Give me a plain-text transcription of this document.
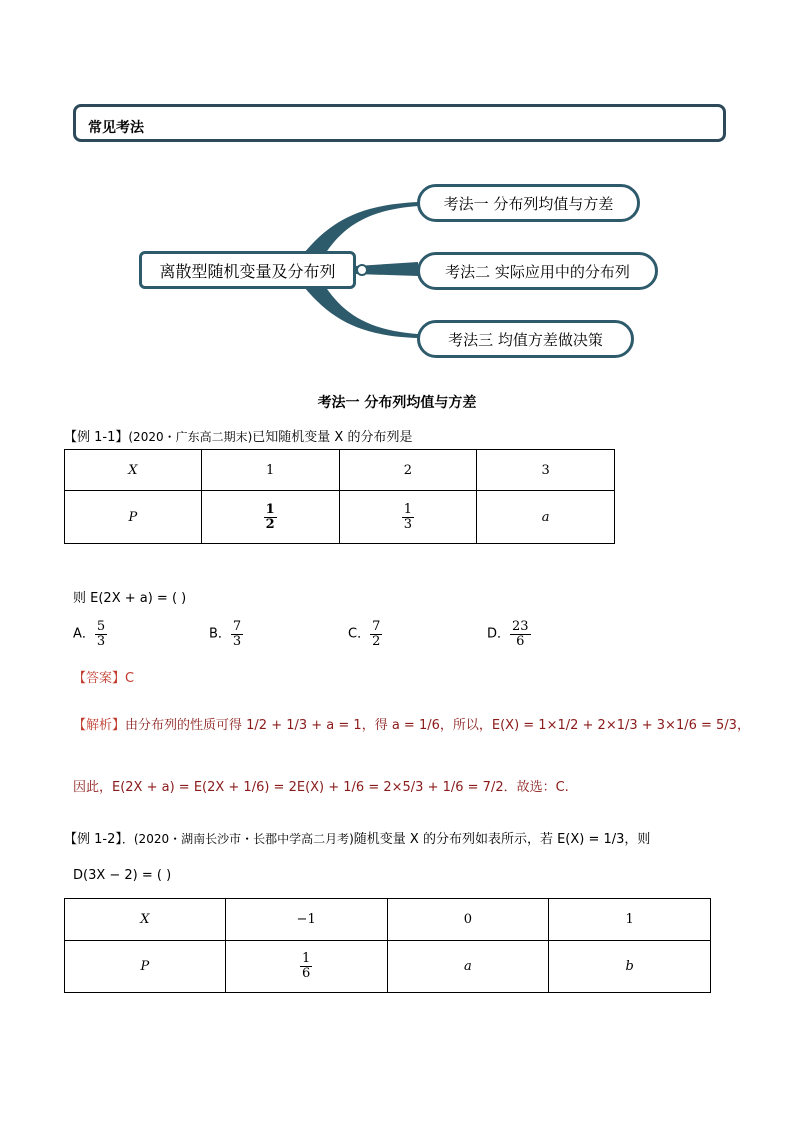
常见考法
离散型随机变量及分布列
考法一 分布列均值与方差
考法二 实际应用中的分布列
考法三 均值方差做决策
考法一 分布列均值与方差
【例 1-1】(2020・广东高二期末)已知随机变量 X 的分布列是
X	1	2	3
P	$\frac{1}{2}$	$\frac{1}{3}$	a
则 E(2X + a) = ( )
A． $\frac{5}{3}$	B． $\frac{7}{3}$	C． $\frac{7}{2}$	D． $\frac{23}{6}$
【答案】C
【解析】由分布列的性质可得 1/2 + 1/3 + a = 1，得 a = 1/6，所以，E(X) = 1×1/2 + 2×1/3 + 3×1/6 = 5/3，
因此，E(2X + a) = E(2X + 1/6) = 2E(X) + 1/6 = 2×5/3 + 1/6 = 7/2．故选：C.
【例 1-2】．(2020・湖南长沙市・长郡中学高二月考)随机变量 X 的分布列如表所示，若 E(X) = 1/3，则
D(3X − 2) = ( )
X	−1	0	1
P	$\frac{1}{6}$	a	b
